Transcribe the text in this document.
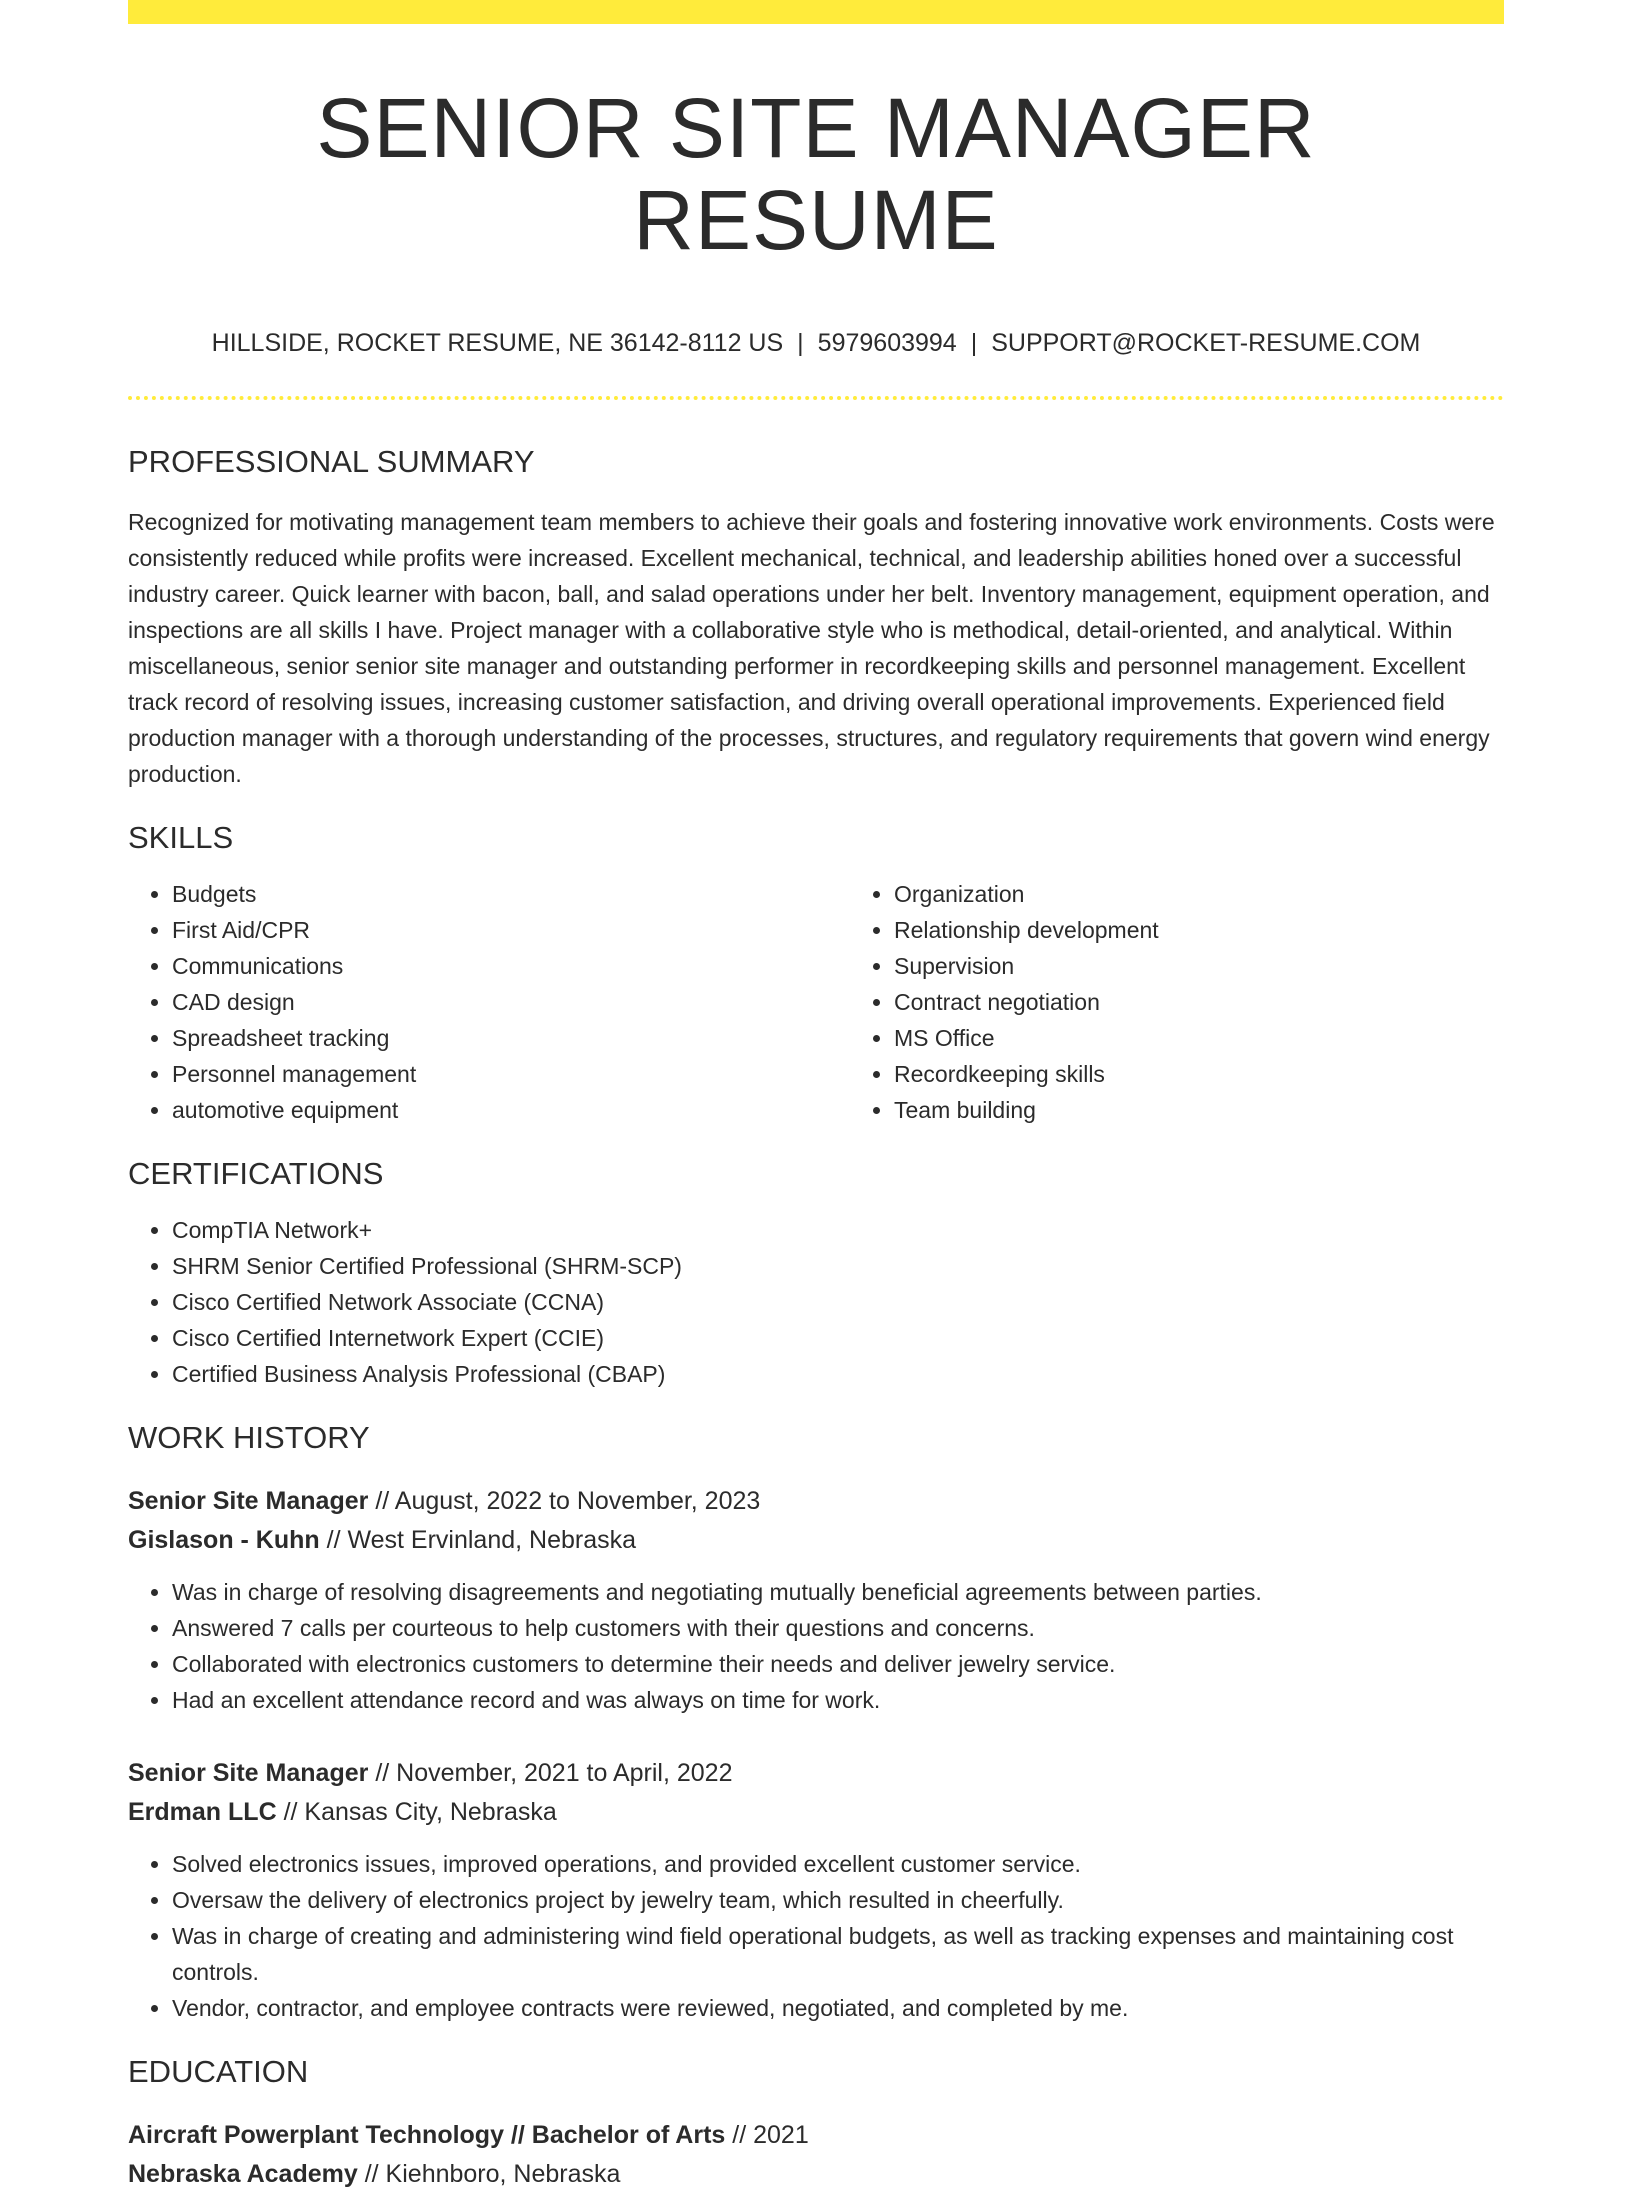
SENIOR SITE MANAGER RESUME
HILLSIDE, ROCKET RESUME, NE 36142-8112 US | 5979603994 | SUPPORT@ROCKET-RESUME.COM
PROFESSIONAL SUMMARY

Recognized for motivating management team members to achieve their goals and fostering innovative work environments. Costs were consistently reduced while profits were increased. Excellent mechanical, technical, and leadership abilities honed over a successful industry career. Quick learner with bacon, ball, and salad operations under her belt. Inventory management, equipment operation, and inspections are all skills I have. Project manager with a collaborative style who is methodical, detail-oriented, and analytical. Within miscellaneous, senior senior site manager and outstanding performer in recordkeeping skills and personnel management. Excellent track record of resolving issues, increasing customer satisfaction, and driving overall operational improvements. Experienced field production manager with a thorough understanding of the processes, structures, and regulatory requirements that govern wind energy production.

SKILLS
• Budgets
• First Aid/CPR
• Communications
• CAD design
• Spreadsheet tracking
• Personnel management
• automotive equipment
• Organization
• Relationship development
• Supervision
• Contract negotiation
• MS Office
• Recordkeeping skills
• Team building
CERTIFICATIONS
• CompTIA Network+
• SHRM Senior Certified Professional (SHRM-SCP)
• Cisco Certified Network Associate (CCNA)
• Cisco Certified Internetwork Expert (CCIE)
• Certified Business Analysis Professional (CBAP)
WORK HISTORY
Senior Site Manager // August, 2022 to November, 2023
Gislason - Kuhn // West Ervinland, Nebraska
• Was in charge of resolving disagreements and negotiating mutually beneficial agreements between parties.
• Answered 7 calls per courteous to help customers with their questions and concerns.
• Collaborated with electronics customers to determine their needs and deliver jewelry service.
• Had an excellent attendance record and was always on time for work.
Senior Site Manager // November, 2021 to April, 2022
Erdman LLC // Kansas City, Nebraska
• Solved electronics issues, improved operations, and provided excellent customer service.
• Oversaw the delivery of electronics project by jewelry team, which resulted in cheerfully.
• Was in charge of creating and administering wind field operational budgets, as well as tracking expenses and maintaining cost controls.
• Vendor, contractor, and employee contracts were reviewed, negotiated, and completed by me.
EDUCATION
Aircraft Powerplant Technology // Bachelor of Arts // 2021
Nebraska Academy // Kiehnboro, Nebraska
